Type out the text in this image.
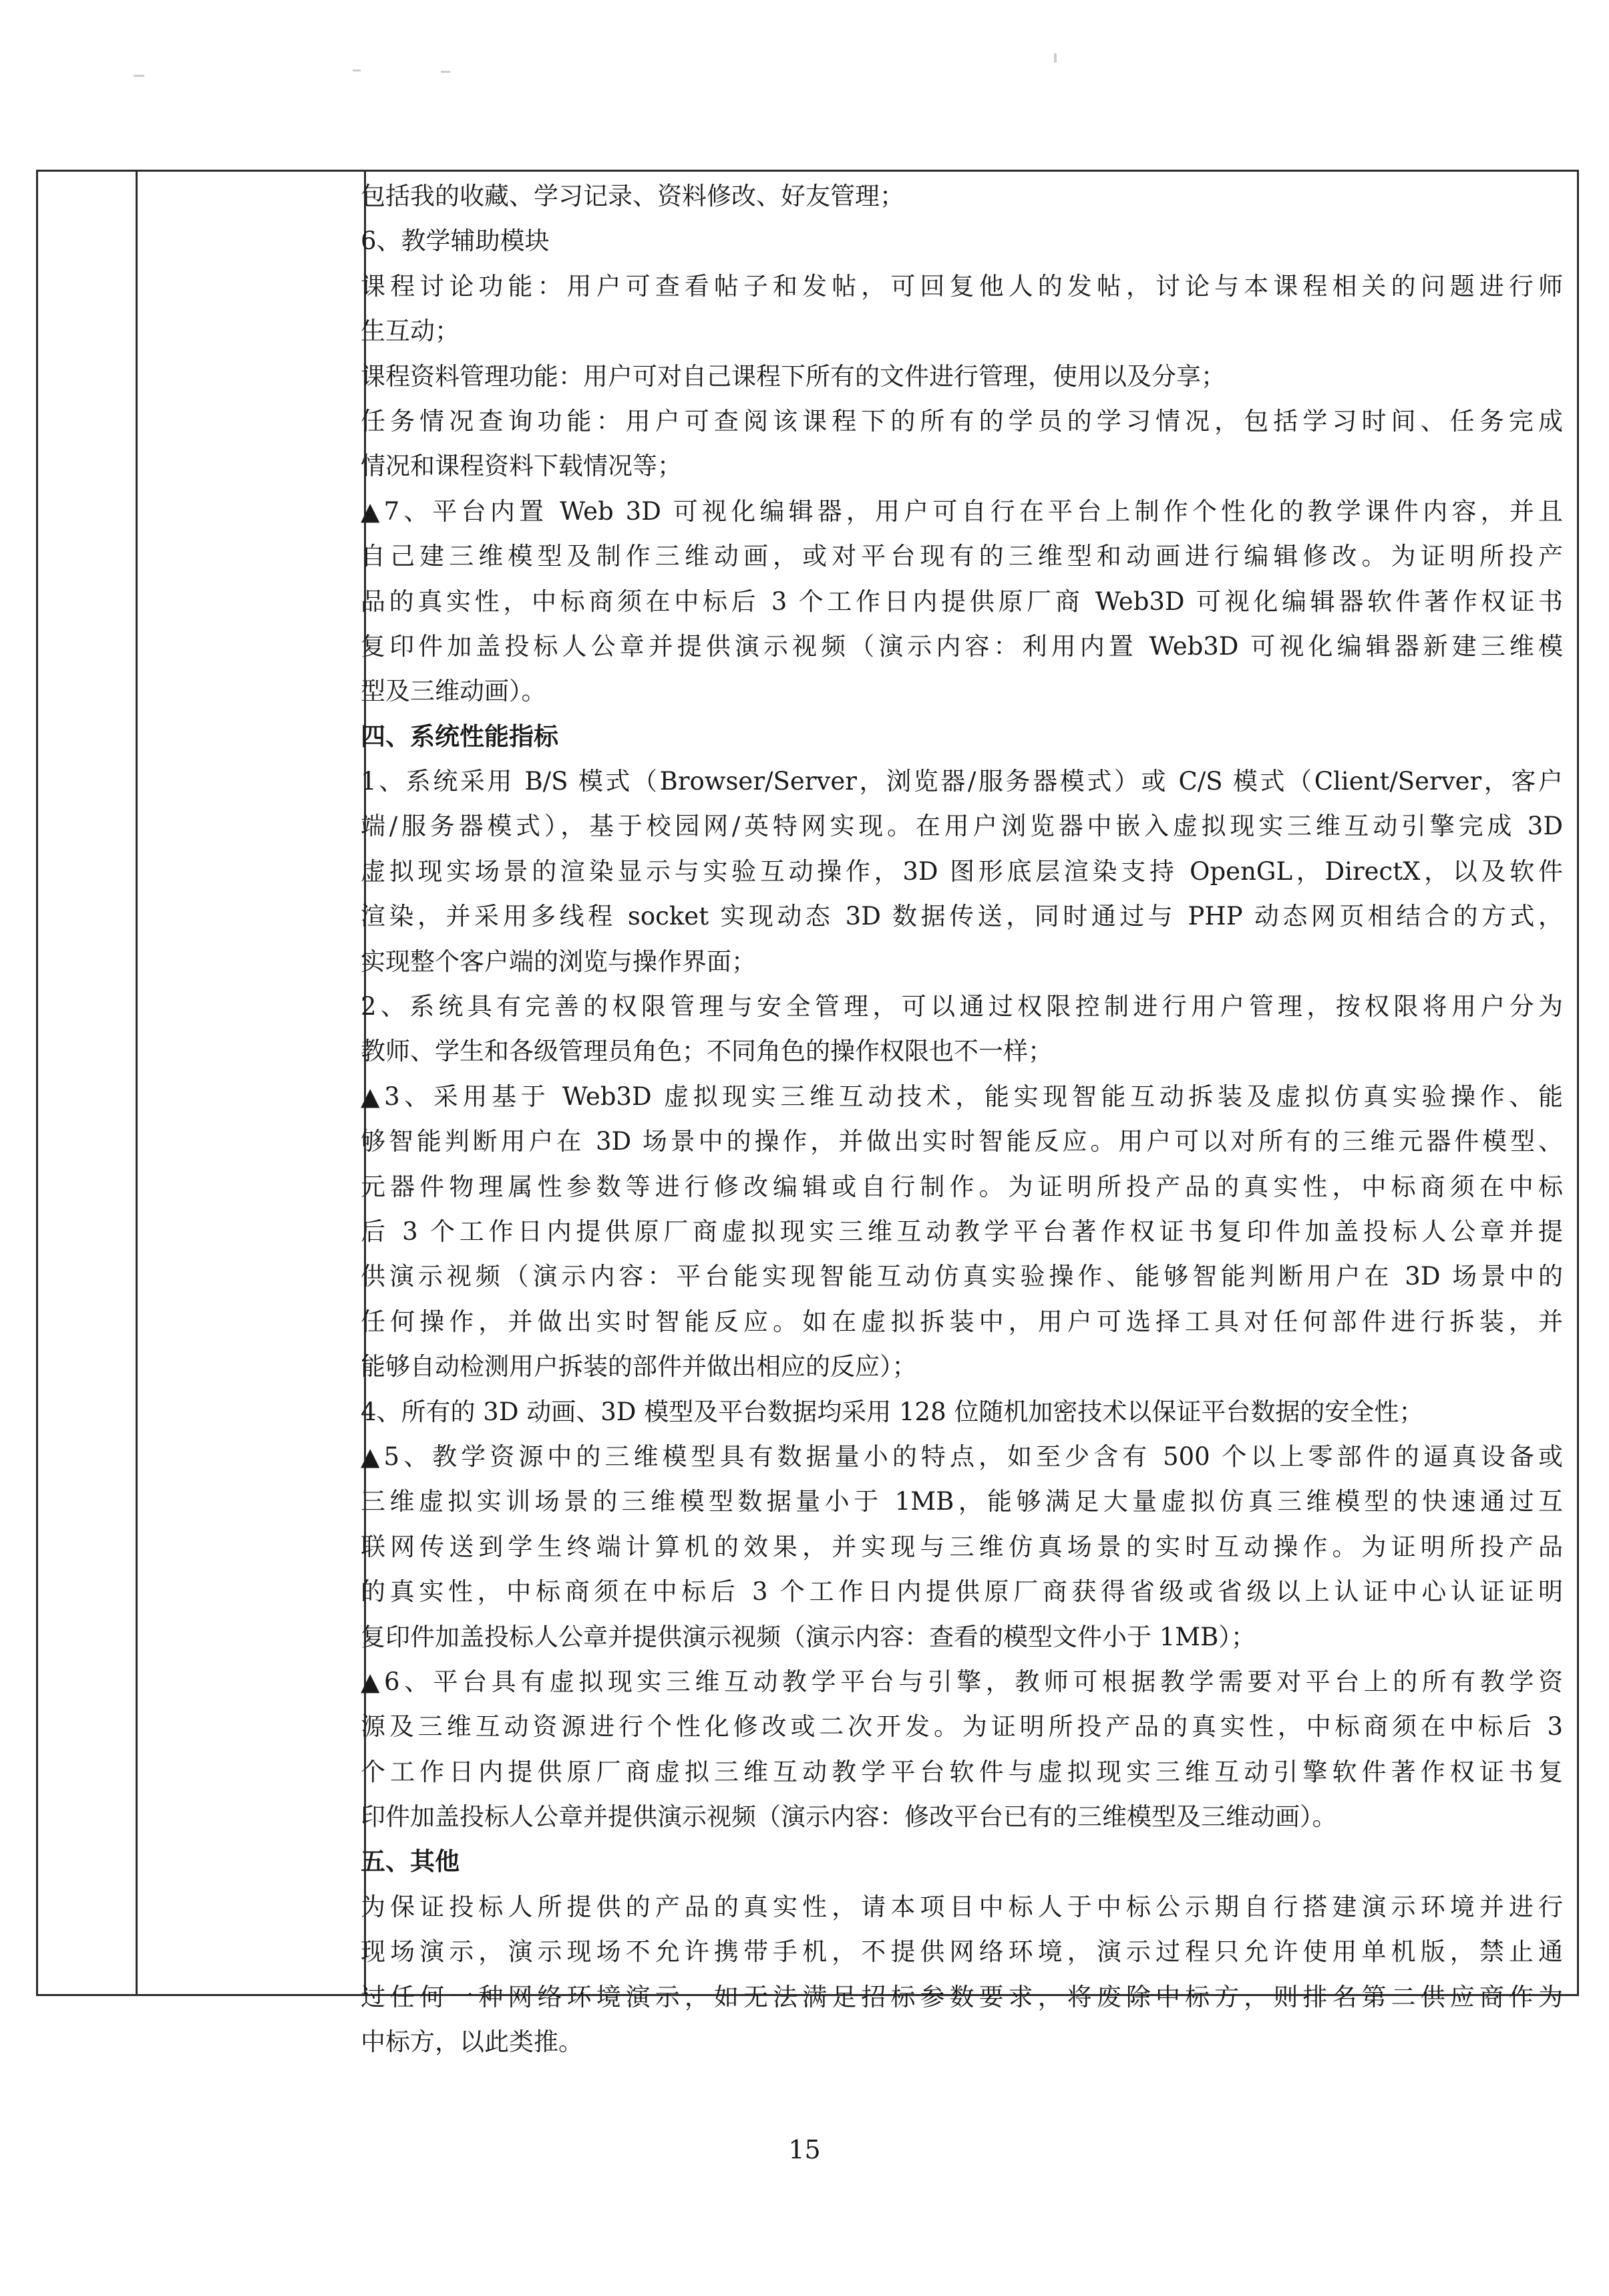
包括我的收藏、学习记录、资料修改、好友管理；
6、教学辅助模块
课程讨论功能：用户可查看帖子和发帖，可回复他人的发帖，讨论与本课程相关的问题进行师
生互动；
课程资料管理功能：用户可对自己课程下所有的文件进行管理，使用以及分享；
任务情况查询功能：用户可查阅该课程下的所有的学员的学习情况，包括学习时间、任务完成
情况和课程资料下载情况等；
▲7、平台内置 Web 3D 可视化编辑器，用户可自行在平台上制作个性化的教学课件内容，并且
自己建三维模型及制作三维动画，或对平台现有的三维型和动画进行编辑修改。为证明所投产
品的真实性，中标商须在中标后 3 个工作日内提供原厂商 Web3D 可视化编辑器软件著作权证书
复印件加盖投标人公章并提供演示视频（演示内容：利用内置 Web3D 可视化编辑器新建三维模
型及三维动画）。
四、系统性能指标
1、系统采用 B/S 模式（Browser/Server，浏览器/服务器模式）或 C/S 模式（Client/Server，客户
端/服务器模式），基于校园网/英特网实现。在用户浏览器中嵌入虚拟现实三维互动引擎完成 3D
虚拟现实场景的渲染显示与实验互动操作，3D 图形底层渲染支持 OpenGL，DirectX，以及软件
渲染，并采用多线程 socket 实现动态 3D 数据传送，同时通过与 PHP 动态网页相结合的方式，
实现整个客户端的浏览与操作界面；
2、系统具有完善的权限管理与安全管理，可以通过权限控制进行用户管理，按权限将用户分为
教师、学生和各级管理员角色；不同角色的操作权限也不一样；
▲3、采用基于 Web3D 虚拟现实三维互动技术，能实现智能互动拆装及虚拟仿真实验操作、能
够智能判断用户在 3D 场景中的操作，并做出实时智能反应。用户可以对所有的三维元器件模型、
元器件物理属性参数等进行修改编辑或自行制作。为证明所投产品的真实性，中标商须在中标
后 3 个工作日内提供原厂商虚拟现实三维互动教学平台著作权证书复印件加盖投标人公章并提
供演示视频（演示内容：平台能实现智能互动仿真实验操作、能够智能判断用户在 3D 场景中的
任何操作，并做出实时智能反应。如在虚拟拆装中，用户可选择工具对任何部件进行拆装，并
能够自动检测用户拆装的部件并做出相应的反应）；
4、所有的 3D 动画、3D 模型及平台数据均采用 128 位随机加密技术以保证平台数据的安全性；
▲5、教学资源中的三维模型具有数据量小的特点，如至少含有 500 个以上零部件的逼真设备或
三维虚拟实训场景的三维模型数据量小于 1MB，能够满足大量虚拟仿真三维模型的快速通过互
联网传送到学生终端计算机的效果，并实现与三维仿真场景的实时互动操作。为证明所投产品
的真实性，中标商须在中标后 3 个工作日内提供原厂商获得省级或省级以上认证中心认证证明
复印件加盖投标人公章并提供演示视频（演示内容：查看的模型文件小于 1MB）；
▲6、平台具有虚拟现实三维互动教学平台与引擎，教师可根据教学需要对平台上的所有教学资
源及三维互动资源进行个性化修改或二次开发。为证明所投产品的真实性，中标商须在中标后 3
个工作日内提供原厂商虚拟三维互动教学平台软件与虚拟现实三维互动引擎软件著作权证书复
印件加盖投标人公章并提供演示视频（演示内容：修改平台已有的三维模型及三维动画）。
五、其他
为保证投标人所提供的产品的真实性，请本项目中标人于中标公示期自行搭建演示环境并进行
现场演示，演示现场不允许携带手机，不提供网络环境，演示过程只允许使用单机版，禁止通
过任何一种网络环境演示，如无法满足招标参数要求，将废除中标方，则排名第二供应商作为
中标方，以此类推。
15
